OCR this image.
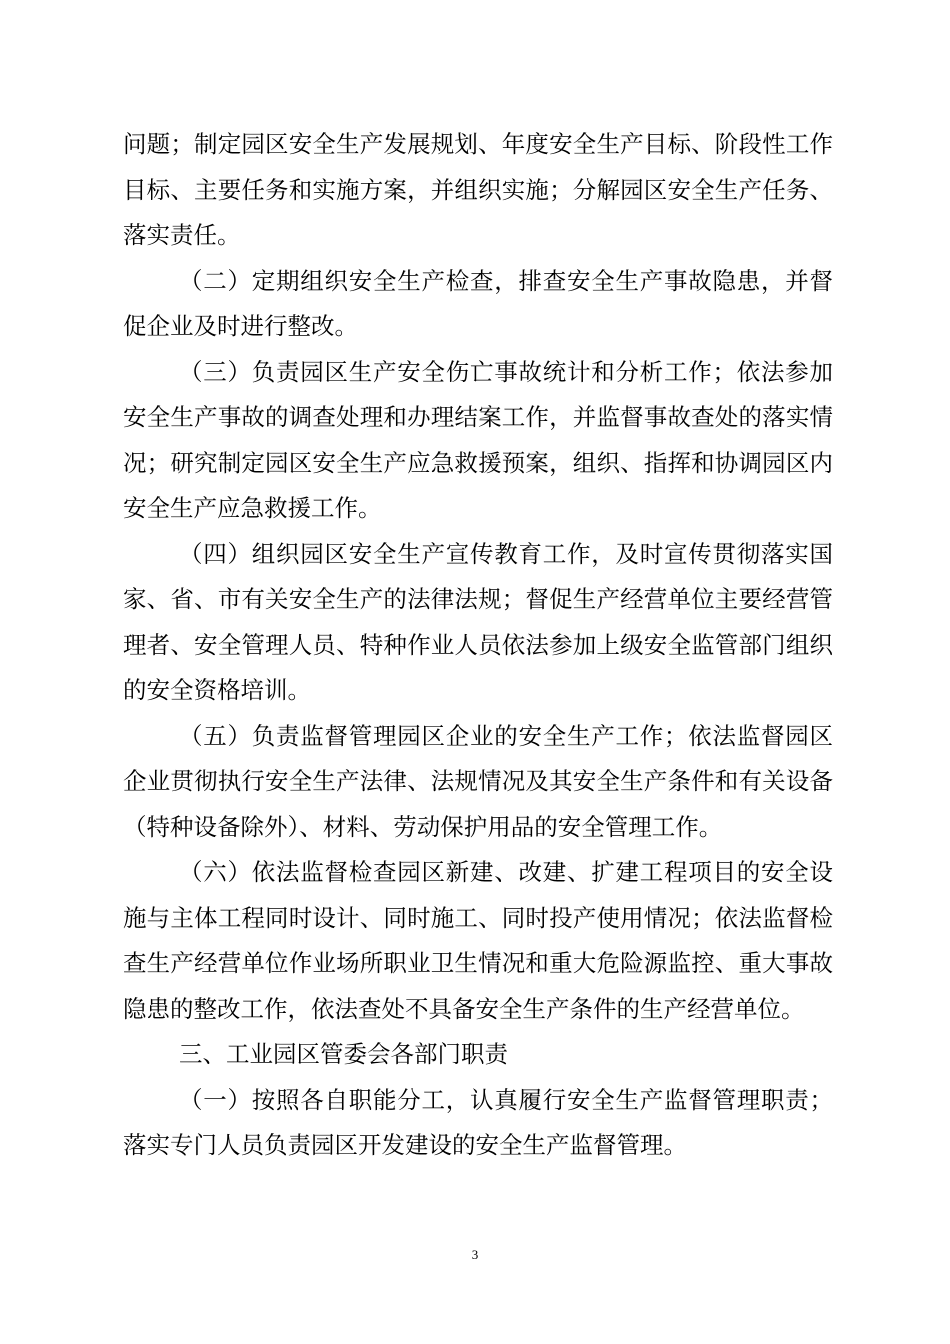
问题；制定园区安全生产发展规划、年度安全生产目标、阶段性工作目标、主要任务和实施方案，并组织实施；分解园区安全生产任务、落实责任。

（二）定期组织安全生产检查，排查安全生产事故隐患，并督促企业及时进行整改。

（三）负责园区生产安全伤亡事故统计和分析工作；依法参加安全生产事故的调查处理和办理结案工作，并监督事故查处的落实情况；研究制定园区安全生产应急救援预案，组织、指挥和协调园区内安全生产应急救援工作。

（四）组织园区安全生产宣传教育工作，及时宣传贯彻落实国家、省、市有关安全生产的法律法规；督促生产经营单位主要经营管理者、安全管理人员、特种作业人员依法参加上级安全监管部门组织的安全资格培训。

（五）负责监督管理园区企业的安全生产工作；依法监督园区企业贯彻执行安全生产法律、法规情况及其安全生产条件和有关设备（特种设备除外）、材料、劳动保护用品的安全管理工作。

（六）依法监督检查园区新建、改建、扩建工程项目的安全设施与主体工程同时设计、同时施工、同时投产使用情况；依法监督检查生产经营单位作业场所职业卫生情况和重大危险源监控、重大事故隐患的整改工作，依法查处不具备安全生产条件的生产经营单位。

三、工业园区管委会各部门职责

（一）按照各自职能分工，认真履行安全生产监督管理职责；落实专门人员负责园区开发建设的安全生产监督管理。

3
